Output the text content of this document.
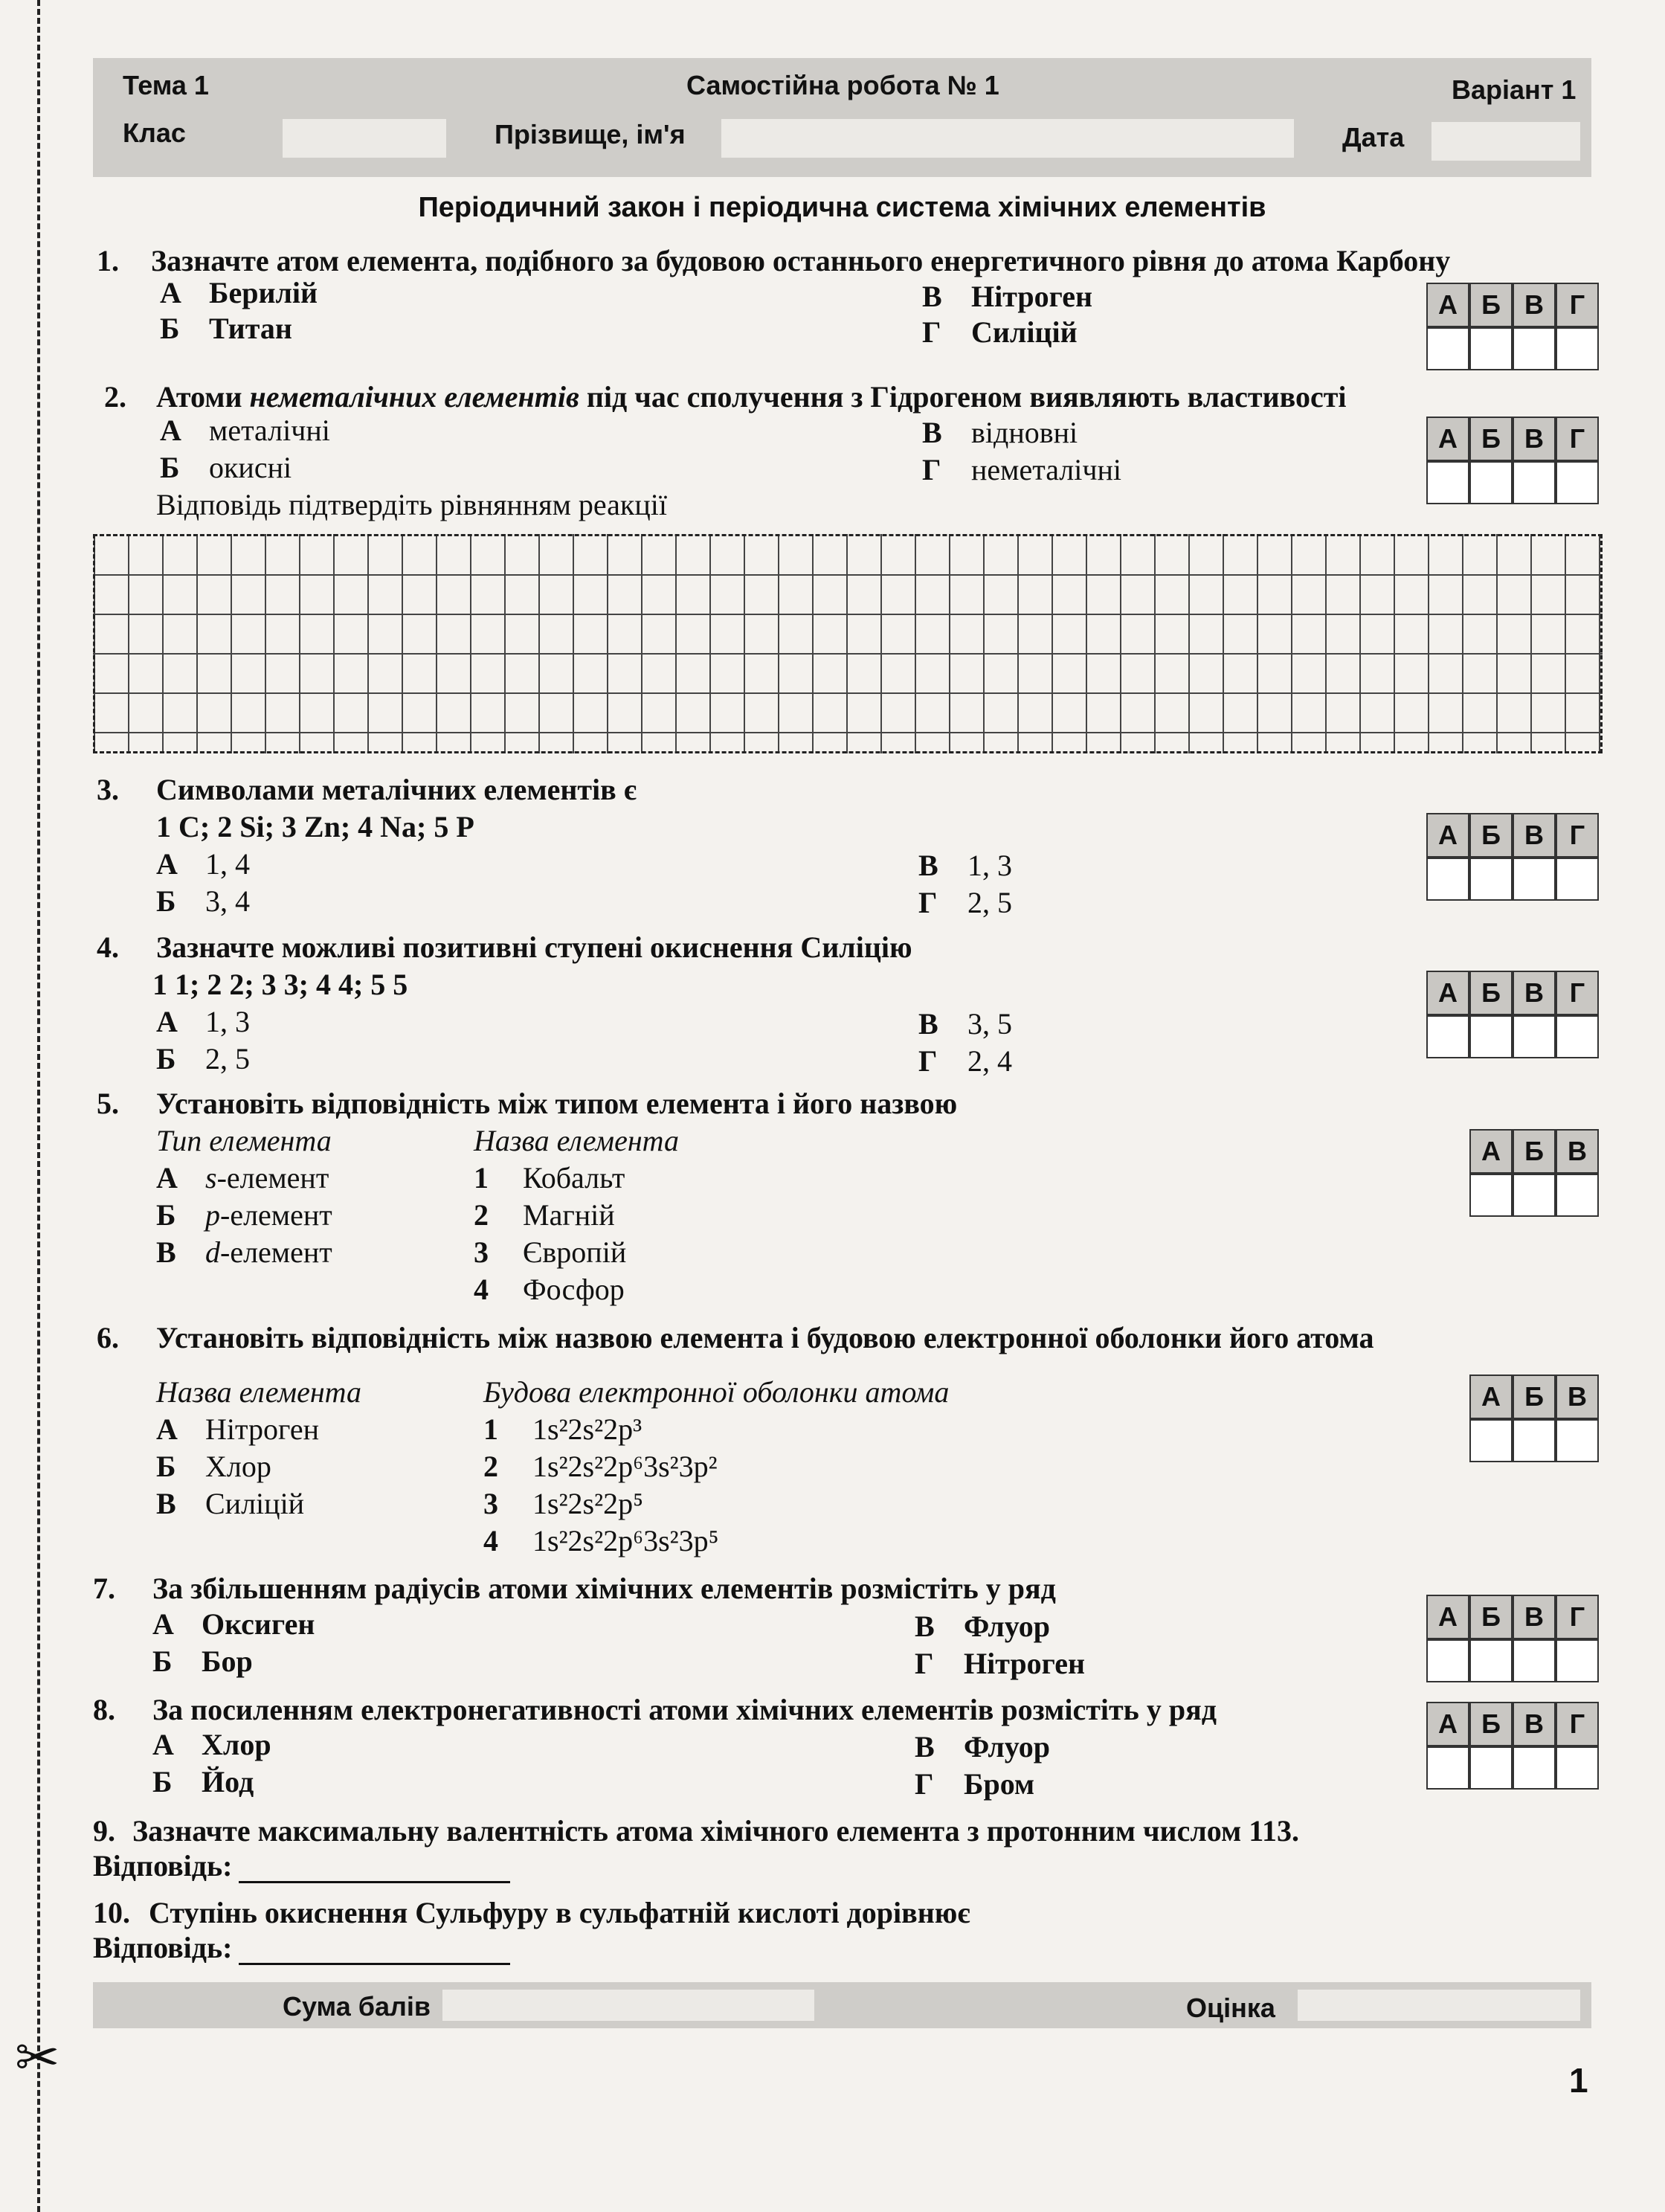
✂
Тема 1	Самостійна робота № 1	Варіант 1
Клас	Прізвище, ім'я	Дата
Періодичний закон і періодична система хімічних елементів
1. Зазначте атом елемента, подібного за будовою останнього енергетичного рівня до атома Карбону
А Берилій
Б Титан
В Нітроген
Г Силіцій
А Б В Г
2. Атоми неметалічних елементів під час сполучення з Гідрогеном виявляють властивості
А металічні
Б окисні
В відновні
Г неметалічні
Відповідь підтвердіть рівнянням реакції
А Б В Г
3. Символами металічних елементів є
1 C; 2 Si; 3 Zn; 4 Na; 5 P
А 1, 4
Б 3, 4
В 1, 3
Г 2, 5
А Б В Г
4. Зазначте можливі позитивні ступені окиснення Силіцію
1 1; 2 2; 3 3; 4 4; 5 5
А 1, 3
Б 2, 5
В 3, 5
Г 2, 4
А Б В Г
5. Установіть відповідність між типом елемента і його назвою
Тип елемента	Назва елемента
А s-елемент
Б p-елемент
В d-елемент
1 Кобальт
2 Магній
3 Європій
4 Фосфор
А Б В
6. Установіть відповідність між назвою елемента і будовою електронної оболонки його атома
Назва елемента	Будова електронної оболонки атома
А Нітроген
Б Хлор
В Силіцій
1 1s²2s²2p³
2 1s²2s²2p⁶3s²3p²
3 1s²2s²2p⁵
4 1s²2s²2p⁶3s²3p⁵
А Б В
7. За збільшенням радіусів атоми хімічних елементів розмістіть у ряд
А Оксиген
Б Бор
В Флуор
Г Нітроген
А Б В Г
8. За посиленням електронегативності атоми хімічних елементів розмістіть у ряд
А Хлор
Б Йод
В Флуор
Г Бром
А Б В Г
9. Зазначте максимальну валентність атома хімічного елемента з протонним числом 113.
Відповідь:
10. Ступінь окиснення Сульфуру в сульфатній кислоті дорівнює
Відповідь:
Сума балів	Оцінка
1
